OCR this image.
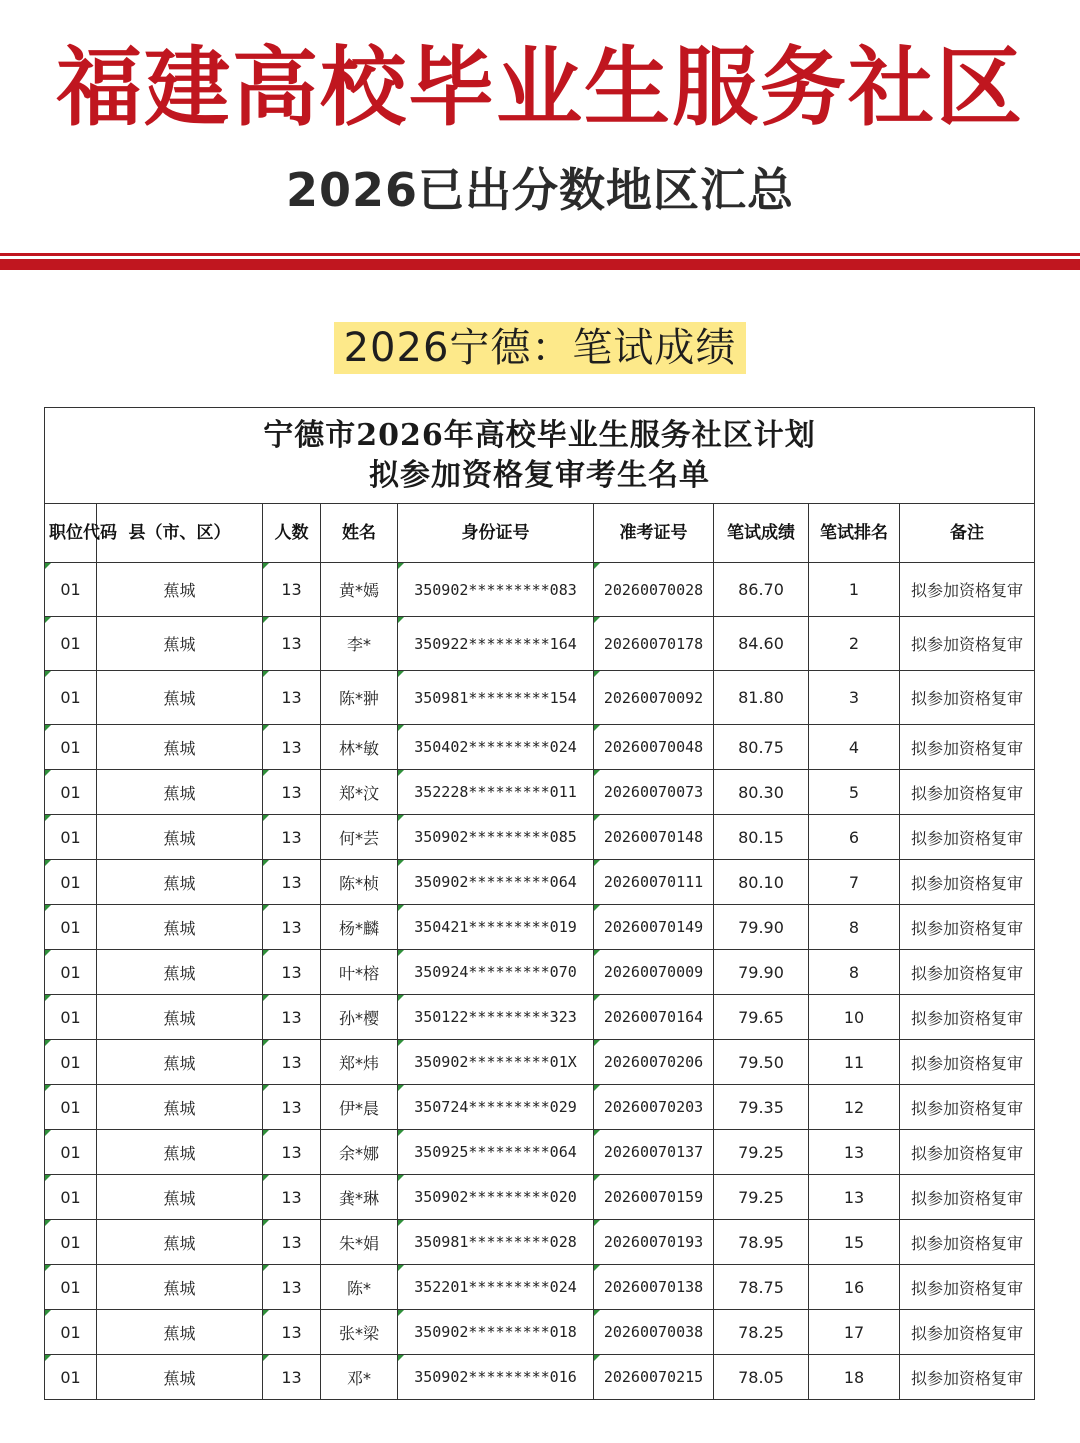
福建高校毕业生服务社区
2026已出分数地区汇总
2026宁德：笔试成绩
宁德市2026年高校毕业生服务社区计划
拟参加资格复审考生名单								

职位代码	县（市、区）	人数	姓名	身份证号	准考证号	笔试成绩	笔试排名	备注
01	蕉城	13	黄*嫣	350902*********083	20260070028	86.70	1	拟参加资格复审
01	蕉城	13	李*	350922*********164	20260070178	84.60	2	拟参加资格复审
01	蕉城	13	陈*翀	350981*********154	20260070092	81.80	3	拟参加资格复审
01	蕉城	13	林*敏	350402*********024	20260070048	80.75	4	拟参加资格复审
01	蕉城	13	郑*汶	352228*********011	20260070073	80.30	5	拟参加资格复审
01	蕉城	13	何*芸	350902*********085	20260070148	80.15	6	拟参加资格复审
01	蕉城	13	陈*桢	350902*********064	20260070111	80.10	7	拟参加资格复审
01	蕉城	13	杨*麟	350421*********019	20260070149	79.90	8	拟参加资格复审
01	蕉城	13	叶*榕	350924*********070	20260070009	79.90	8	拟参加资格复审
01	蕉城	13	孙*樱	350122*********323	20260070164	79.65	10	拟参加资格复审
01	蕉城	13	郑*炜	350902*********01X	20260070206	79.50	11	拟参加资格复审
01	蕉城	13	伊*晨	350724*********029	20260070203	79.35	12	拟参加资格复审
01	蕉城	13	余*娜	350925*********064	20260070137	79.25	13	拟参加资格复审
01	蕉城	13	龚*琳	350902*********020	20260070159	79.25	13	拟参加资格复审
01	蕉城	13	朱*娟	350981*********028	20260070193	78.95	15	拟参加资格复审
01	蕉城	13	陈*	352201*********024	20260070138	78.75	16	拟参加资格复审
01	蕉城	13	张*梁	350902*********018	20260070038	78.25	17	拟参加资格复审
01	蕉城	13	邓*	350902*********016	20260070215	78.05	18	拟参加资格复审
